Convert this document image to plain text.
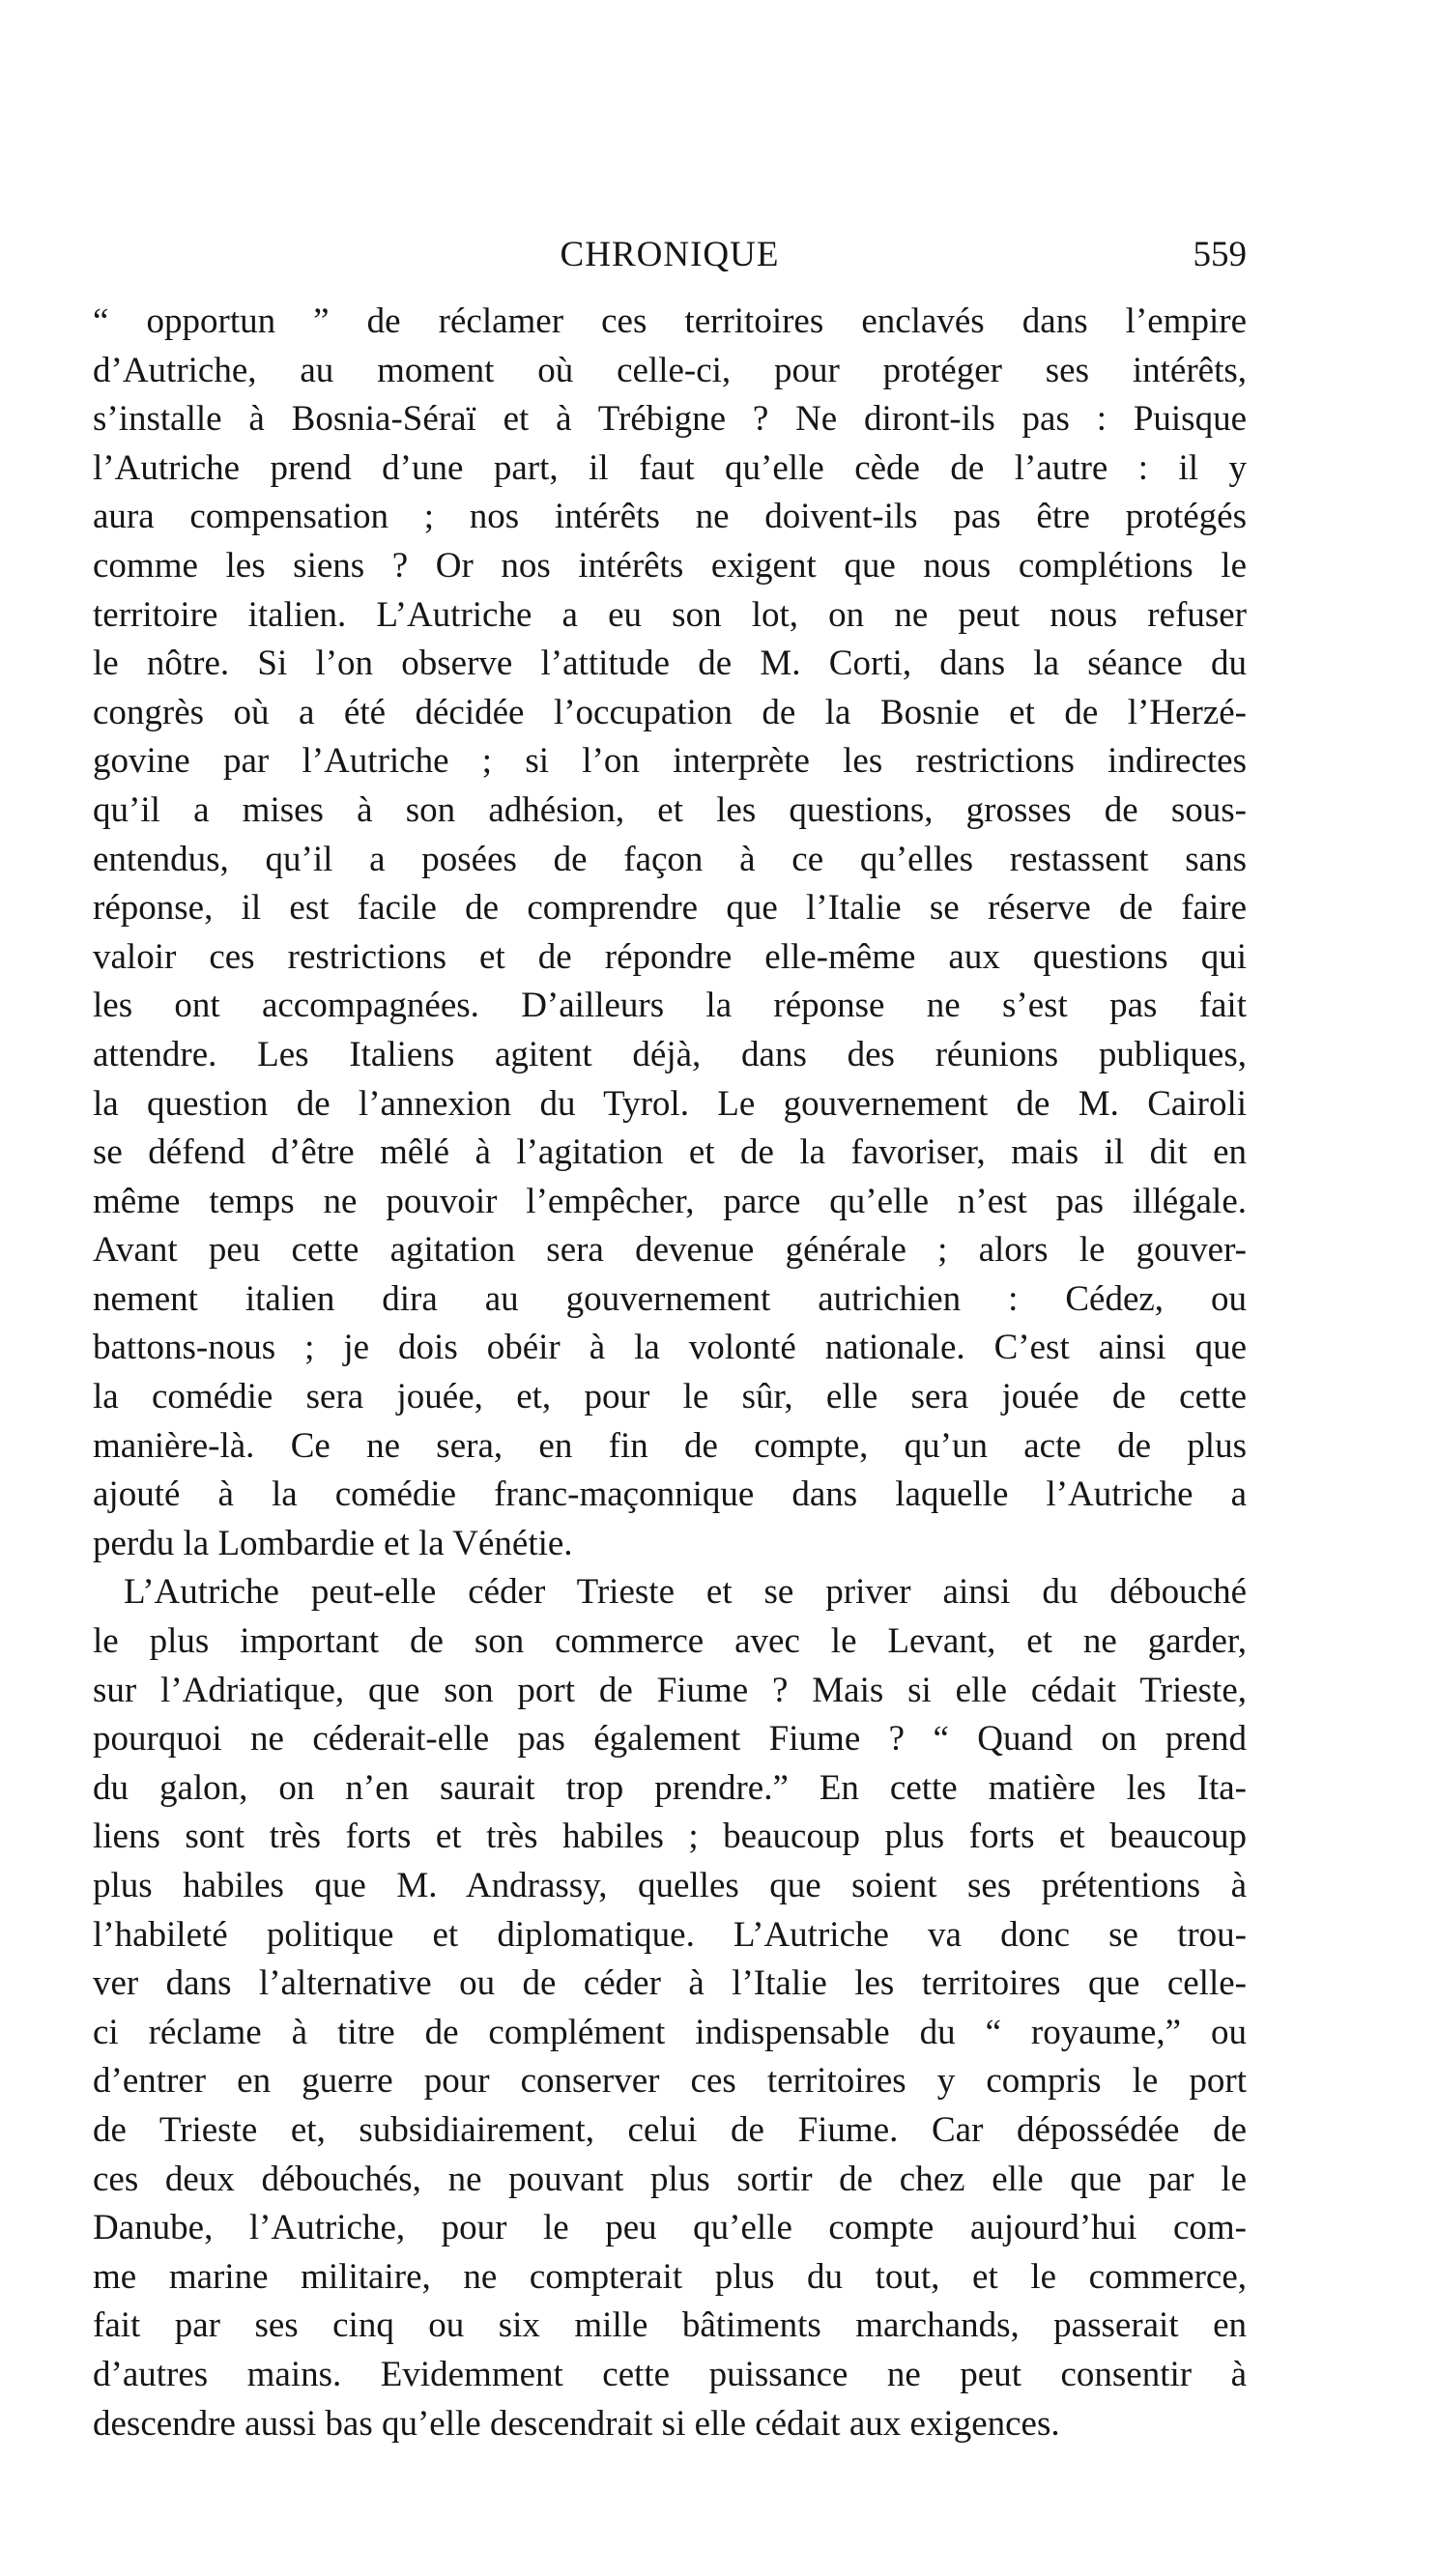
CHRONIQUE	559
“ opportun ” de réclamer ces territoires enclavés dans l’empire
d’Autriche, au moment où celle-ci, pour protéger ses intérêts,
s’installe à Bosnia-Séraï et à Trébigne ? Ne diront-ils pas : Puisque
l’Autriche prend d’une part, il faut qu’elle cède de l’autre : il y
aura compensation ; nos intérêts ne doivent-ils pas être protégés
comme les siens ? Or nos intérêts exigent que nous complétions le
territoire italien. L’Autriche a eu son lot, on ne peut nous refuser
le nôtre. Si l’on observe l’attitude de M. Corti, dans la séance du
congrès où a été décidée l’occupation de la Bosnie et de l’Herzé-
govine par l’Autriche ; si l’on interprète les restrictions indirectes
qu’il a mises à son adhésion, et les questions, grosses de sous-
entendus, qu’il a posées de façon à ce qu’elles restassent sans
réponse, il est facile de comprendre que l’Italie se réserve de faire
valoir ces restrictions et de répondre elle-même aux questions qui
les ont accompagnées. D’ailleurs la réponse ne s’est pas fait
attendre. Les Italiens agitent déjà, dans des réunions publiques,
la question de l’annexion du Tyrol. Le gouvernement de M. Cairoli
se défend d’être mêlé à l’agitation et de la favoriser, mais il dit en
même temps ne pouvoir l’empêcher, parce qu’elle n’est pas illégale.
Avant peu cette agitation sera devenue générale ; alors le gouver-
nement italien dira au gouvernement autrichien : Cédez, ou
battons-nous ; je dois obéir à la volonté nationale. C’est ainsi que
la comédie sera jouée, et, pour le sûr, elle sera jouée de cette
manière-là. Ce ne sera, en fin de compte, qu’un acte de plus
ajouté à la comédie franc-maçonnique dans laquelle l’Autriche a
perdu la Lombardie et la Vénétie.
L’Autriche peut-elle céder Trieste et se priver ainsi du débouché
le plus important de son commerce avec le Levant, et ne garder,
sur l’Adriatique, que son port de Fiume ? Mais si elle cédait Trieste,
pourquoi ne céderait-elle pas également Fiume ? “ Quand on prend
du galon, on n’en saurait trop prendre.” En cette matière les Ita-
liens sont très forts et très habiles ; beaucoup plus forts et beaucoup
plus habiles que M. Andrassy, quelles que soient ses prétentions à
l’habileté politique et diplomatique. L’Autriche va donc se trou-
ver dans l’alternative ou de céder à l’Italie les territoires que celle-
ci réclame à titre de complément indispensable du “ royaume,” ou
d’entrer en guerre pour conserver ces territoires y compris le port
de Trieste et, subsidiairement, celui de Fiume. Car dépossédée de
ces deux débouchés, ne pouvant plus sortir de chez elle que par le
Danube, l’Autriche, pour le peu qu’elle compte aujourd’hui com-
me marine militaire, ne compterait plus du tout, et le commerce,
fait par ses cinq ou six mille bâtiments marchands, passerait en
d’autres mains. Evidemment cette puissance ne peut consentir à
descendre aussi bas qu’elle descendrait si elle cédait aux exigences.
